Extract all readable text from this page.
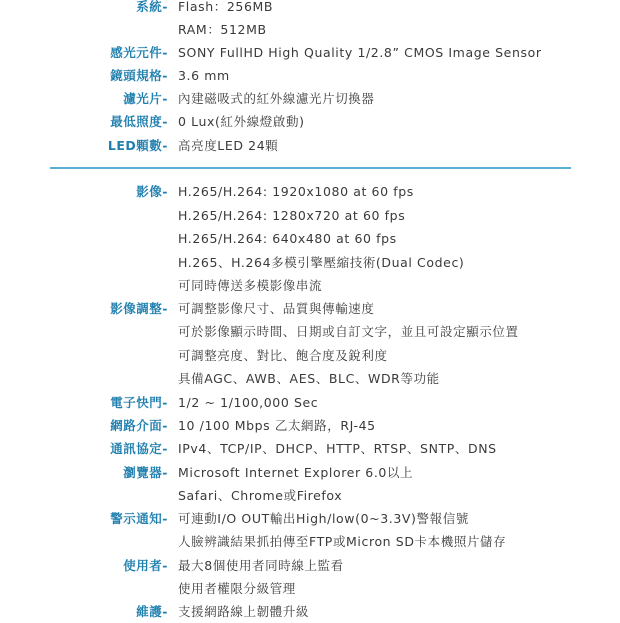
系統- Flash：256MB
RAM：512MB
感光元件- SONY FullHD High Quality 1/2.8” CMOS Image Sensor
鏡頭規格- 3.6 mm
濾光片- 內建磁吸式的紅外線濾光片切換器
最低照度- 0 Lux(紅外線燈啟動)
LED顆數- 高亮度LED 24顆
影像- H.265/H.264: 1920x1080 at 60 fps
H.265/H.264: 1280x720 at 60 fps
H.265/H.264: 640x480 at 60 fps
H.265、H.264多模引擎壓縮技術(Dual Codec)
可同時傳送多模影像串流
影像調整- 可調整影像尺寸、品質與傳輸速度
可於影像顯示時間、日期或自訂文字，並且可設定顯示位置
可調整亮度、對比、飽合度及銳利度
具備AGC、AWB、AES、BLC、WDR等功能
電子快門- 1/2 ~ 1/100,000 Sec
網路介面- 10 /100 Mbps 乙太網路，RJ-45
通訊協定- IPv4、TCP/IP、DHCP、HTTP、RTSP、SNTP、DNS
瀏覽器- Microsoft Internet Explorer 6.0以上
Safari、Chrome或Firefox
警示通知- 可連動I/O OUT輸出High/low(0~3.3V)警報信號
人臉辨識結果抓拍傳至FTP或Micron SD卡本機照片儲存
使用者- 最大8個使用者同時線上監看
使用者權限分級管理
維護- 支援網路線上韌體升級
